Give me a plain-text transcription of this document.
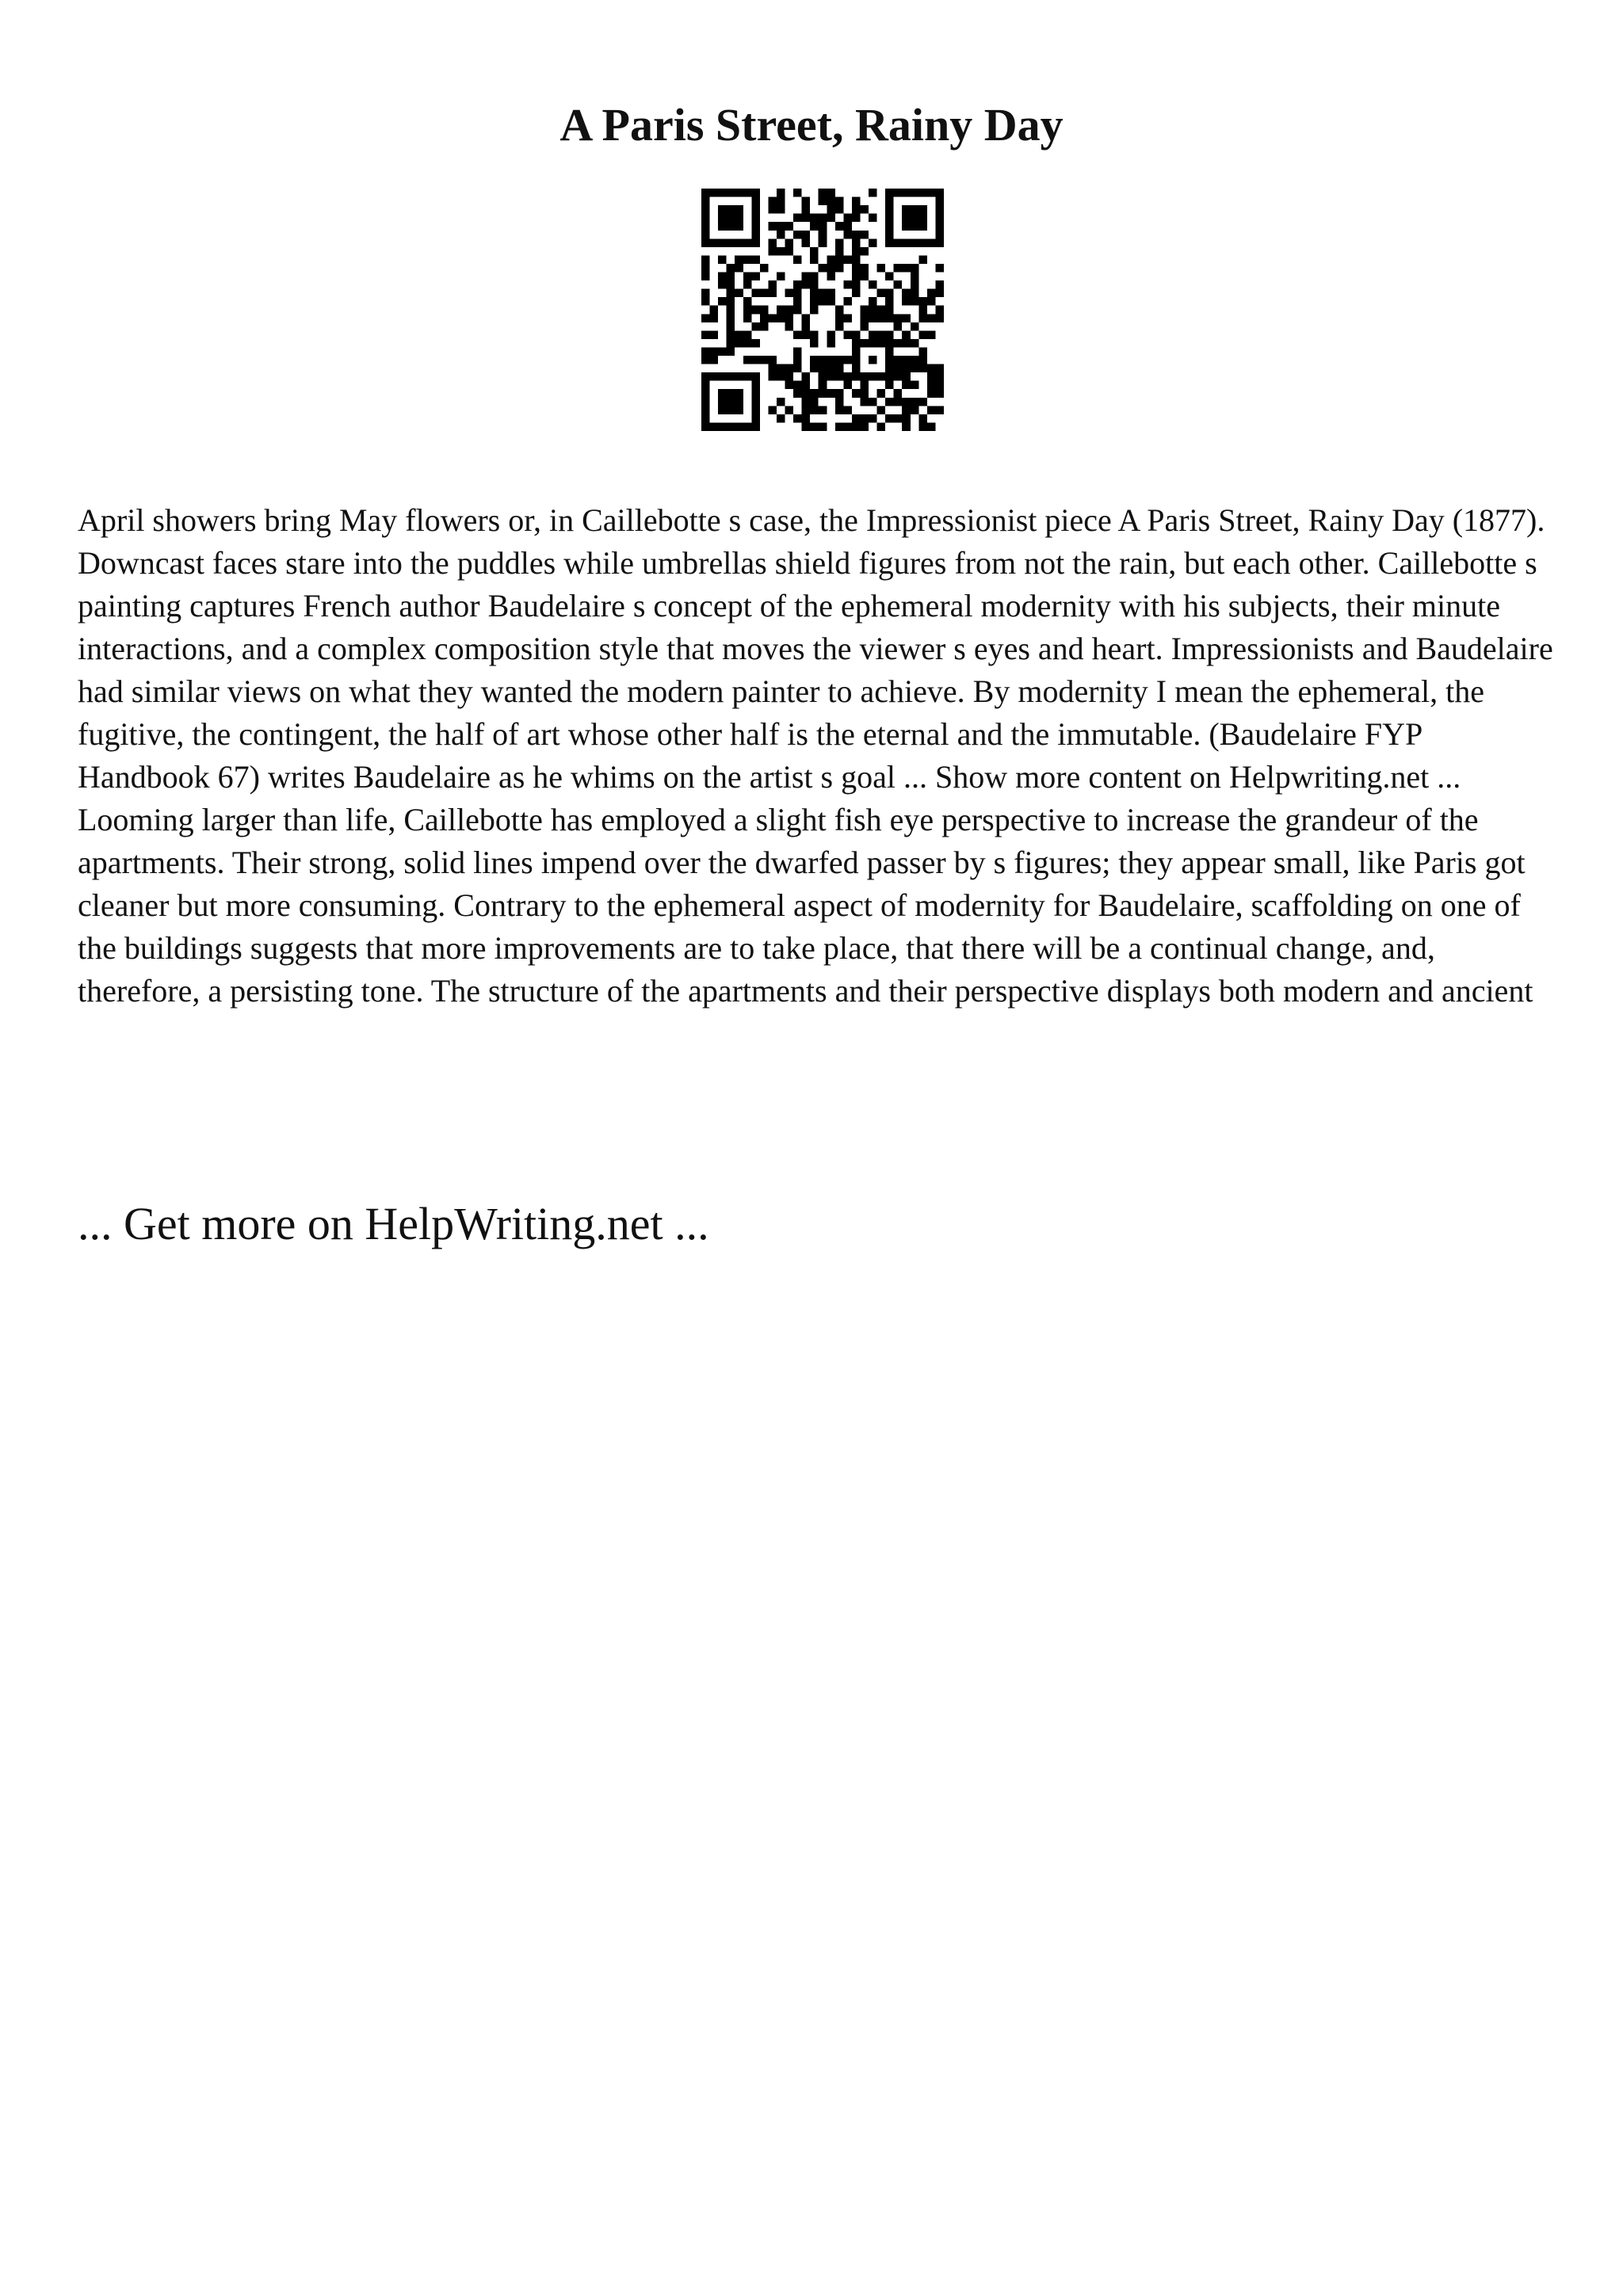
A Paris Street, Rainy Day

April showers bring May flowers or, in Caillebotte s case, the Impressionist piece A Paris Street, Rainy Day (1877). Downcast faces stare into the puddles while umbrellas shield figures from not the rain, but each other. Caillebotte s painting captures French author Baudelaire s concept of the ephemeral modernity with his subjects, their minute interactions, and a complex composition style that moves the viewer s eyes and heart. Impressionists and Baudelaire had similar views on what they wanted the modern painter to achieve. By modernity I mean the ephemeral, the fugitive, the contingent, the half of art whose other half is the eternal and the immutable. (Baudelaire FYP Handbook 67) writes Baudelaire as he whims on the artist s goal ... Show more content on Helpwriting.net ...

Looming larger than life, Caillebotte has employed a slight fish eye perspective to increase the grandeur of the apartments. Their strong, solid lines impend over the dwarfed passer by s figures; they appear small, like Paris got cleaner but more consuming. Contrary to the ephemeral aspect of modernity for Baudelaire, scaffolding on one of the buildings suggests that more improvements are to take place, that there will be a continual change, and, therefore, a persisting tone. The structure of the apartments and their perspective displays both modern and ancient

... Get more on HelpWriting.net ...
